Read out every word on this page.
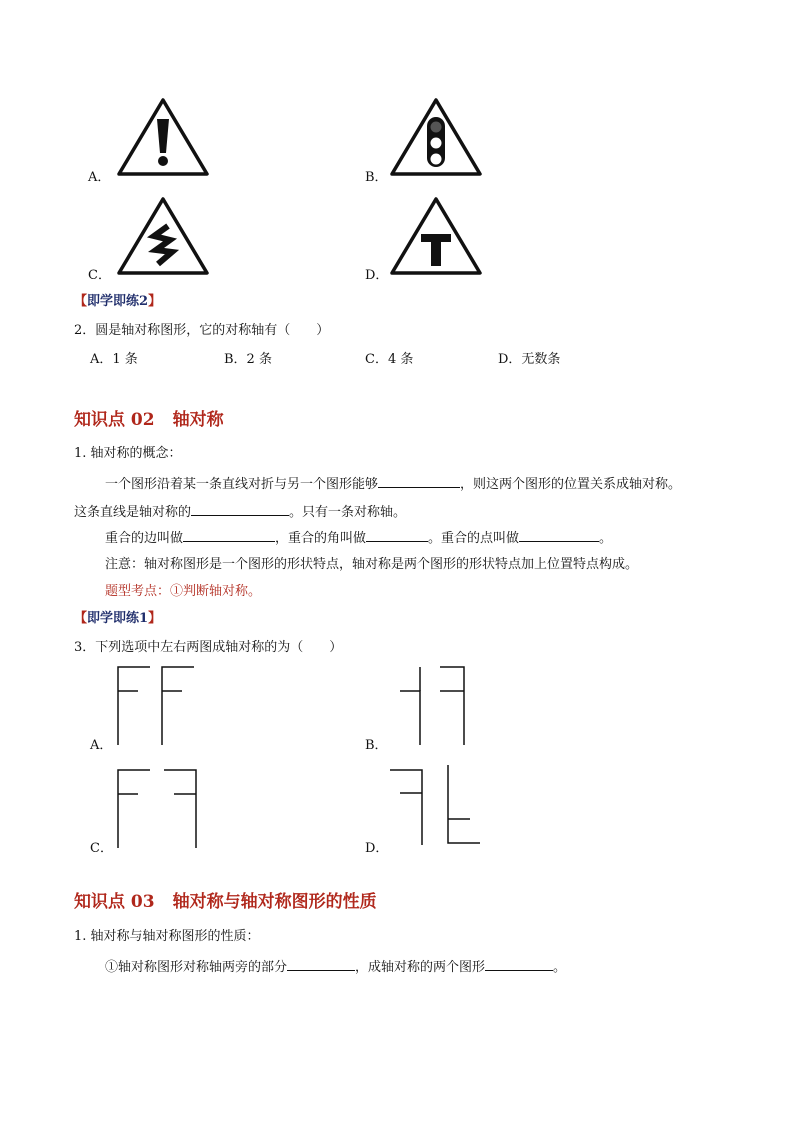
A．	B．
C．	D．
【即学即练2】
2．圆是轴对称图形，它的对称轴有（　　）
A．1 条	B．2 条	C．4 条	D．无数条
知识点 02 轴对称
1. 轴对称的概念：
一个图形沿着某一条直线对折与另一个图形能够	，则这两个图形的位置关系成轴对称。
这条直线是轴对称的	。只有一条对称轴。
重合的边叫做	，重合的角叫做	。重合的点叫做	。
注意：轴对称图形是一个图形的形状特点，轴对称是两个图形的形状特点加上位置特点构成。
题型考点：①判断轴对称。
【即学即练1】
3．下列选项中左右两图成轴对称的为（　　）
A．	B．
C．	D．
知识点 03 轴对称与轴对称图形的性质
1. 轴对称与轴对称图形的性质：
①轴对称图形对称轴两旁的部分	，成轴对称的两个图形	。
